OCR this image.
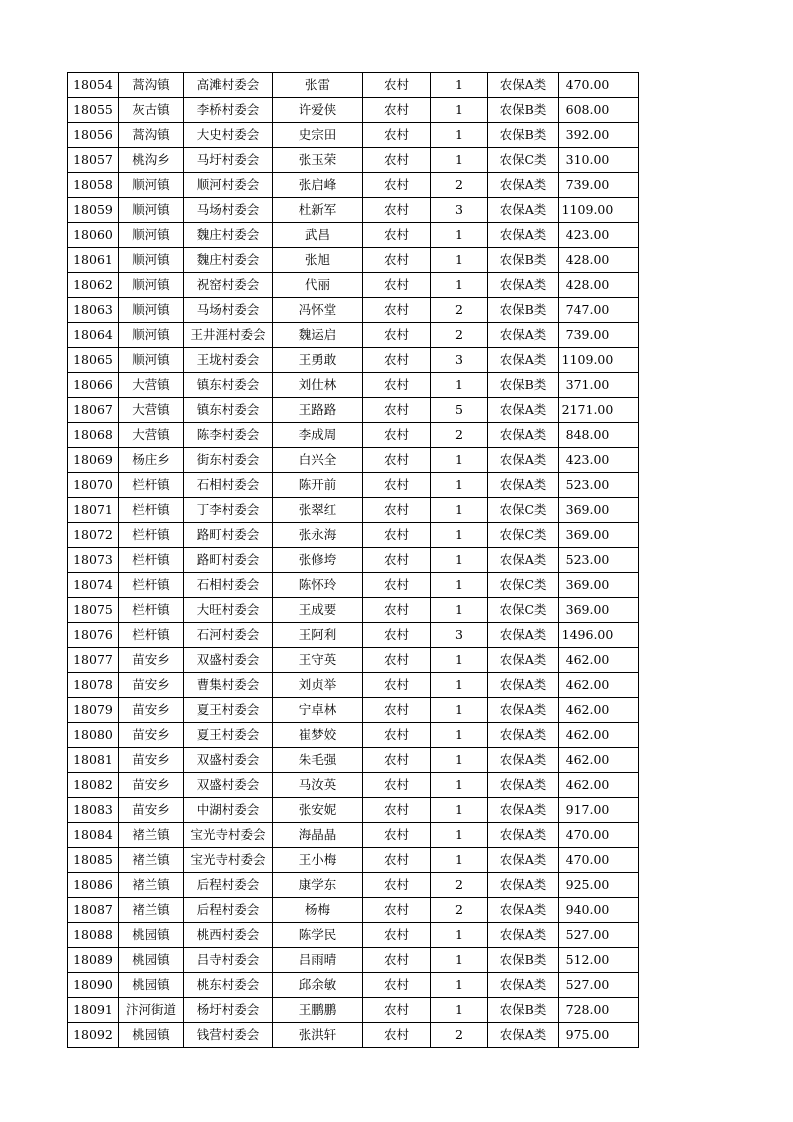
18054	蒿沟镇	高滩村委会	张雷	农村	1	农保A类	470.00
18055	灰古镇	李桥村委会	许爱侠	农村	1	农保B类	608.00
18056	蒿沟镇	大史村委会	史宗田	农村	1	农保B类	392.00
18057	桃沟乡	马圩村委会	张玉荣	农村	1	农保C类	310.00
18058	顺河镇	顺河村委会	张启峰	农村	2	农保A类	739.00
18059	顺河镇	马场村委会	杜新军	农村	3	农保A类	1109.00
18060	顺河镇	魏庄村委会	武昌	农村	1	农保A类	423.00
18061	顺河镇	魏庄村委会	张旭	农村	1	农保B类	428.00
18062	顺河镇	祝窑村委会	代丽	农村	1	农保A类	428.00
18063	顺河镇	马场村委会	冯怀堂	农村	2	农保B类	747.00
18064	顺河镇	王井涯村委会	魏运启	农村	2	农保A类	739.00
18065	顺河镇	王垅村委会	王勇敢	农村	3	农保A类	1109.00
18066	大营镇	镇东村委会	刘仕林	农村	1	农保B类	371.00
18067	大营镇	镇东村委会	王路路	农村	5	农保A类	2171.00
18068	大营镇	陈李村委会	李成周	农村	2	农保A类	848.00
18069	杨庄乡	街东村委会	白兴全	农村	1	农保A类	423.00
18070	栏杆镇	石相村委会	陈开前	农村	1	农保A类	523.00
18071	栏杆镇	丁李村委会	张翠红	农村	1	农保C类	369.00
18072	栏杆镇	路町村委会	张永海	农村	1	农保C类	369.00
18073	栏杆镇	路町村委会	张修垮	农村	1	农保A类	523.00
18074	栏杆镇	石相村委会	陈怀玲	农村	1	农保C类	369.00
18075	栏杆镇	大旺村委会	王成要	农村	1	农保C类	369.00
18076	栏杆镇	石河村委会	王阿利	农村	3	农保A类	1496.00
18077	苗安乡	双盛村委会	王守英	农村	1	农保A类	462.00
18078	苗安乡	曹集村委会	刘贞举	农村	1	农保A类	462.00
18079	苗安乡	夏王村委会	宁卓林	农村	1	农保A类	462.00
18080	苗安乡	夏王村委会	崔梦姣	农村	1	农保A类	462.00
18081	苗安乡	双盛村委会	朱毛强	农村	1	农保A类	462.00
18082	苗安乡	双盛村委会	马汝英	农村	1	农保A类	462.00
18083	苗安乡	中湖村委会	张安妮	农村	1	农保A类	917.00
18084	褚兰镇	宝光寺村委会	海晶晶	农村	1	农保A类	470.00
18085	褚兰镇	宝光寺村委会	王小梅	农村	1	农保A类	470.00
18086	褚兰镇	后程村委会	康学东	农村	2	农保A类	925.00
18087	褚兰镇	后程村委会	杨梅	农村	2	农保A类	940.00
18088	桃园镇	桃西村委会	陈学民	农村	1	农保A类	527.00
18089	桃园镇	吕寺村委会	吕雨晴	农村	1	农保B类	512.00
18090	桃园镇	桃东村委会	邱余敏	农村	1	农保A类	527.00
18091	汴河街道	杨圩村委会	王鹏鹏	农村	1	农保B类	728.00
18092	桃园镇	钱营村委会	张洪轩	农村	2	农保A类	975.00
